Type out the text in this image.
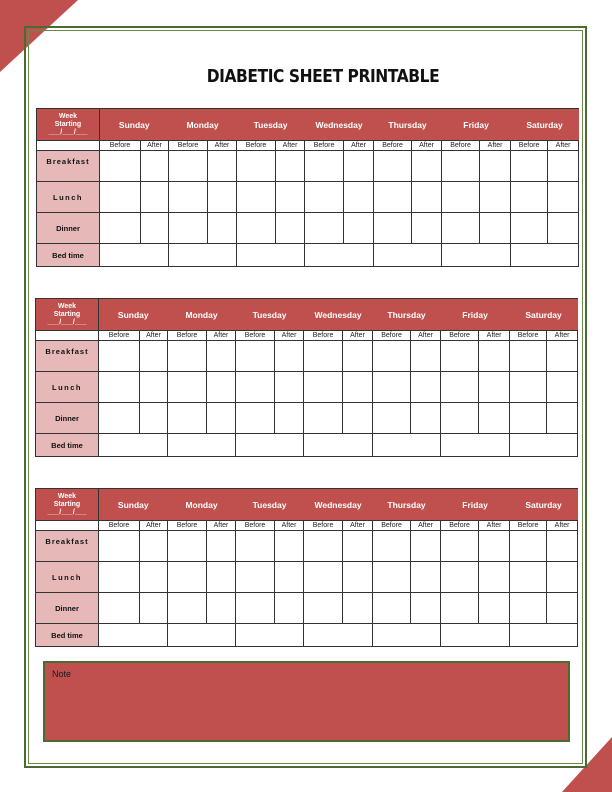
DIABETIC SHEET PRINTABLE
Week
Starting
___/___/___	Sunday		Monday		Tuesday		Wednesday		Thursday		Friday		Saturday	
	Before	After	Before	After	Before	After	Before	After	Before	After	Before	After	Before	After
Breakfast														
Lunch														
Dinner														
Bed time														
Week
Starting
___/___/___	Sunday		Monday		Tuesday		Wednesday		Thursday		Friday		Saturday	
	Before	After	Before	After	Before	After	Before	After	Before	After	Before	After	Before	After
Breakfast														
Lunch														
Dinner														
Bed time														
Week
Starting
___/___/___	Sunday		Monday		Tuesday		Wednesday		Thursday		Friday		Saturday	
	Before	After	Before	After	Before	After	Before	After	Before	After	Before	After	Before	After
Breakfast														
Lunch														
Dinner														
Bed time														
Note
